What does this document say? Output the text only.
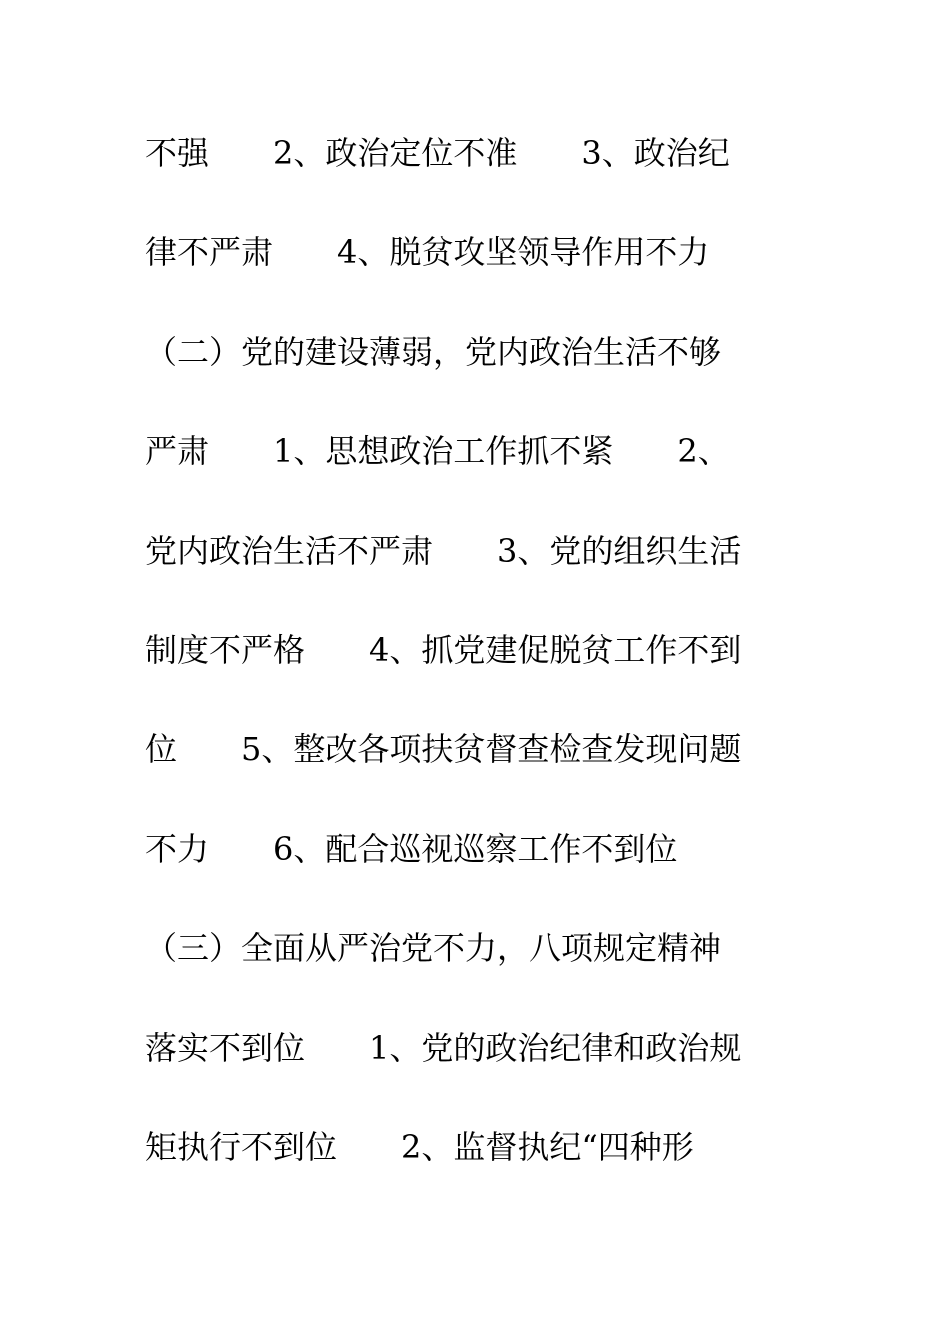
不强　　2、政治定位不准　　3、政治纪
律不严肃　　4、脱贫攻坚领导作用不力
（二）党的建设薄弱，党内政治生活不够
严肃　　1、思想政治工作抓不紧　　2、
党内政治生活不严肃　　3、党的组织生活
制度不严格　　4、抓党建促脱贫工作不到
位　　5、整改各项扶贫督查检查发现问题
不力　　6、配合巡视巡察工作不到位
（三）全面从严治党不力，八项规定精神
落实不到位　　1、党的政治纪律和政治规
矩执行不到位　　2、监督执纪“四种形
